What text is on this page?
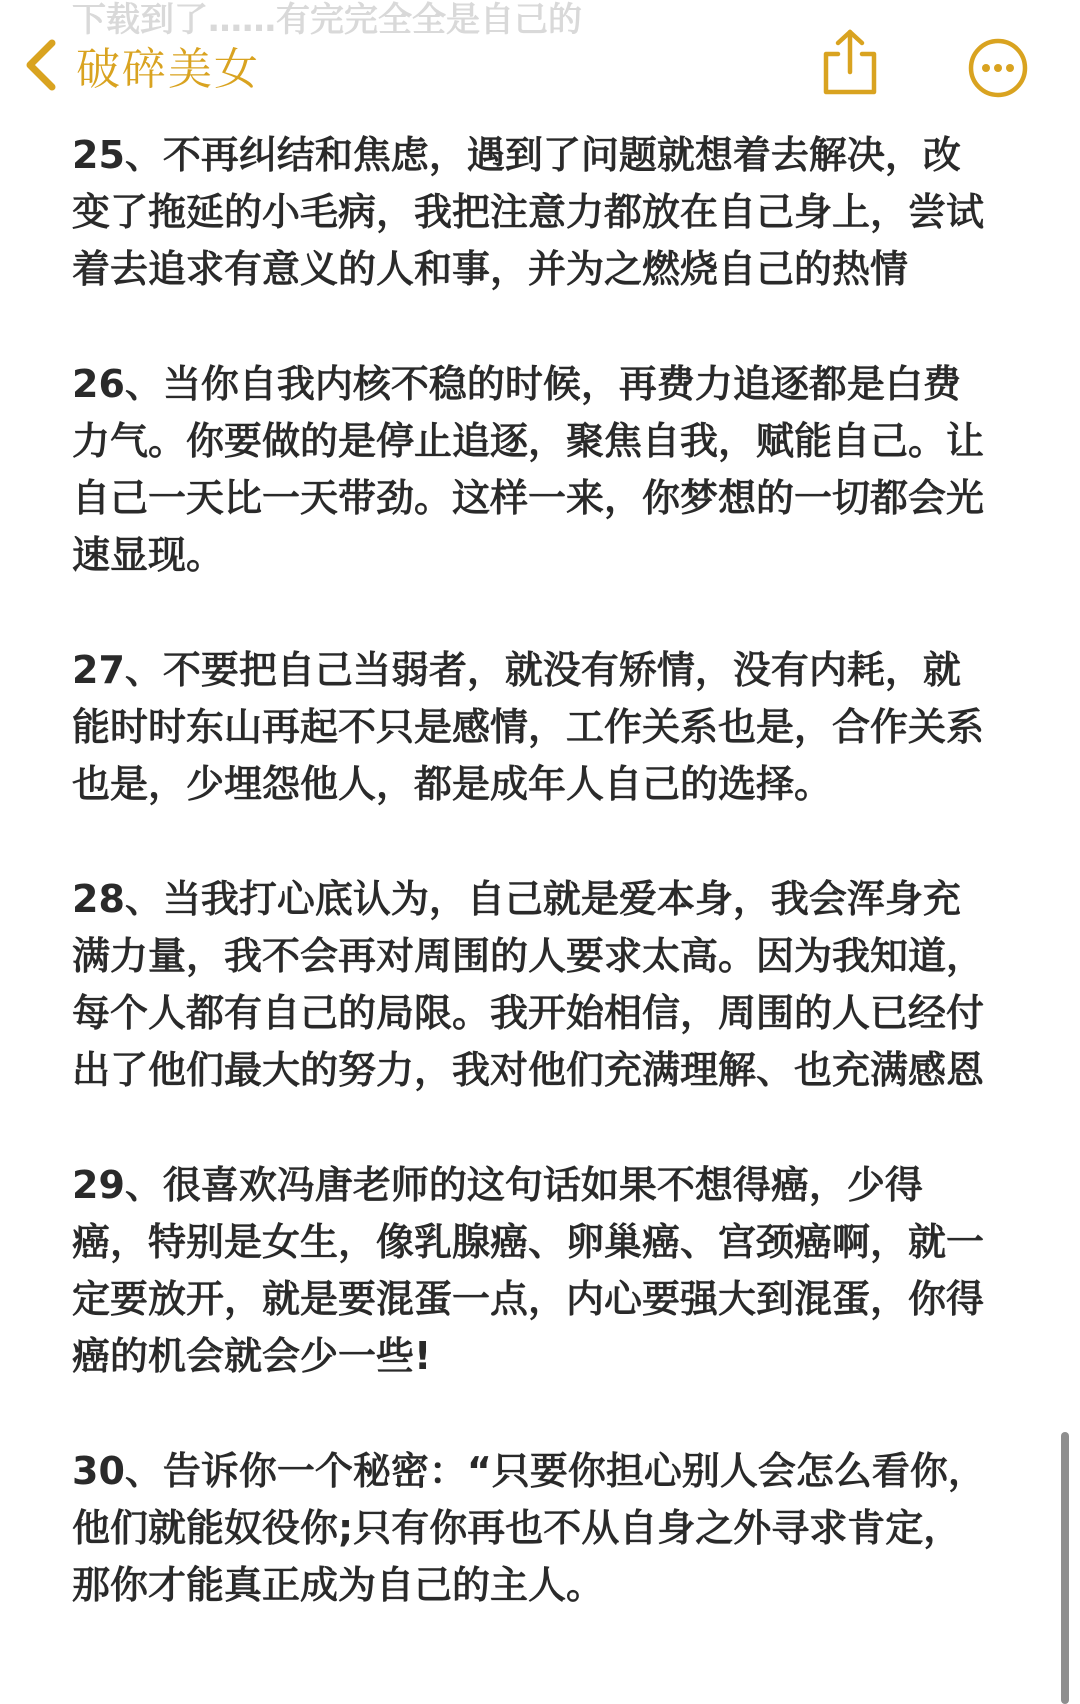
下载到了……有完完全全是自己的
破碎美女

25、不再纠结和焦虑，遇到了问题就想着去解决，改变了拖延的小毛病，我把注意力都放在自己身上，尝试着去追求有意义的人和事，并为之燃烧自己的热情

26、当你自我内核不稳的时候，再费力追逐都是白费力气。你要做的是停止追逐，聚焦自我，赋能自己。让自己一天比一天带劲。这样一来，你梦想的一切都会光速显现。

27、不要把自己当弱者，就没有矫情，没有内耗，就能时时东山再起不只是感情，工作关系也是，合作关系也是，少埋怨他人，都是成年人自己的选择。

28、当我打心底认为，自己就是爱本身，我会浑身充满力量，我不会再对周围的人要求太高。因为我知道，每个人都有自己的局限。我开始相信，周围的人已经付出了他们最大的努力，我对他们充满理解、也充满感恩

29、很喜欢冯唐老师的这句话如果不想得癌，少得癌，特别是女生，像乳腺癌、卵巢癌、宫颈癌啊，就一定要放开，就是要混蛋一点，内心要强大到混蛋，你得癌的机会就会少一些!

30、告诉你一个秘密：“只要你担心别人会怎么看你，他们就能奴役你;只有你再也不从自身之外寻求肯定，那你才能真正成为自己的主人。
